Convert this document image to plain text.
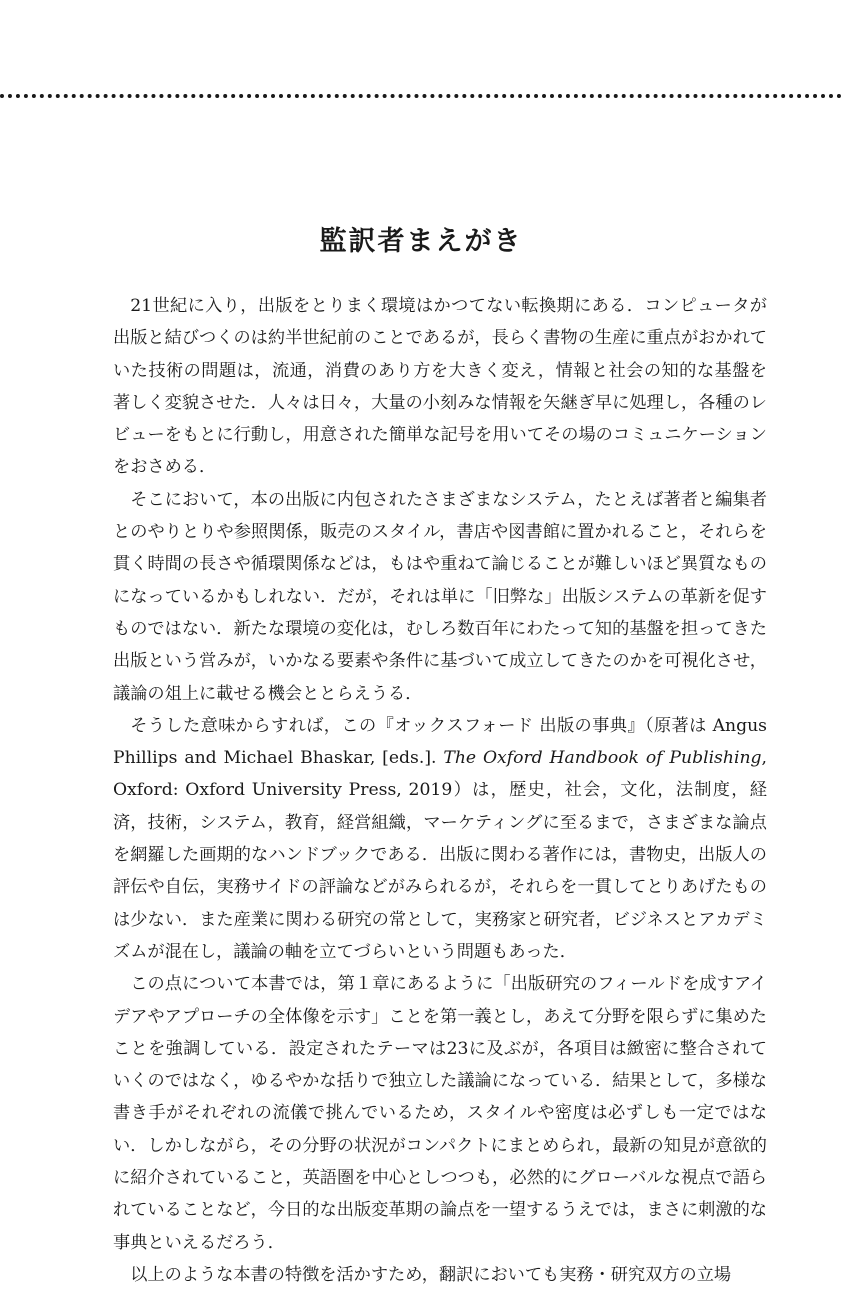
監訳者まえがき

21世紀に入り，出版をとりまく環境はかつてない転換期にある．コンピュータが出版と結びつくのは約半世紀前のことであるが，長らく書物の生産に重点がおかれていた技術の問題は，流通，消費のあり方を大きく変え，情報と社会の知的な基盤を著しく変貌させた．人々は日々，大量の小刻みな情報を矢継ぎ早に処理し，各種のレビューをもとに行動し，用意された簡単な記号を用いてその場のコミュニケーションをおさめる．

そこにおいて，本の出版に内包されたさまざまなシステム，たとえば著者と編集者とのやりとりや参照関係，販売のスタイル，書店や図書館に置かれること，それらを貫く時間の長さや循環関係などは，もはや重ねて論じることが難しいほど異質なものになっているかもしれない．だが，それは単に「旧弊な」出版システムの革新を促すものではない．新たな環境の変化は，むしろ数百年にわたって知的基盤を担ってきた出版という営みが，いかなる要素や条件に基づいて成立してきたのかを可視化させ，議論の俎上に載せる機会ととらえうる．

そうした意味からすれば，この『オックスフォード 出版の事典』（原著は Angus Phillips and Michael Bhaskar, [eds.]. The Oxford Handbook of Publishing, Oxford: Oxford University Press, 2019）は，歴史，社会，文化，法制度，経済，技術，システム，教育，経営組織，マーケティングに至るまで，さまざまな論点を網羅した画期的なハンドブックである．出版に関わる著作には，書物史，出版人の評伝や自伝，実務サイドの評論などがみられるが，それらを一貫してとりあげたものは少ない．また産業に関わる研究の常として，実務家と研究者，ビジネスとアカデミズムが混在し，議論の軸を立てづらいという問題もあった．

この点について本書では，第１章にあるように「出版研究のフィールドを成すアイデアやアプローチの全体像を示す」ことを第一義とし，あえて分野を限らずに集めたことを強調している．設定されたテーマは23に及ぶが，各項目は緻密に整合されていくのではなく，ゆるやかな括りで独立した議論になっている．結果として，多様な書き手がそれぞれの流儀で挑んでいるため，スタイルや密度は必ずしも一定ではない．しかしながら，その分野の状況がコンパクトにまとめられ，最新の知見が意欲的に紹介されていること，英語圏を中心としつつも，必然的にグローバルな視点で語られていることなど，今日的な出版変革期の論点を一望するうえでは，まさに刺激的な事典といえるだろう．

以上のような本書の特徴を活かすため，翻訳においても実務・研究双方の立場
